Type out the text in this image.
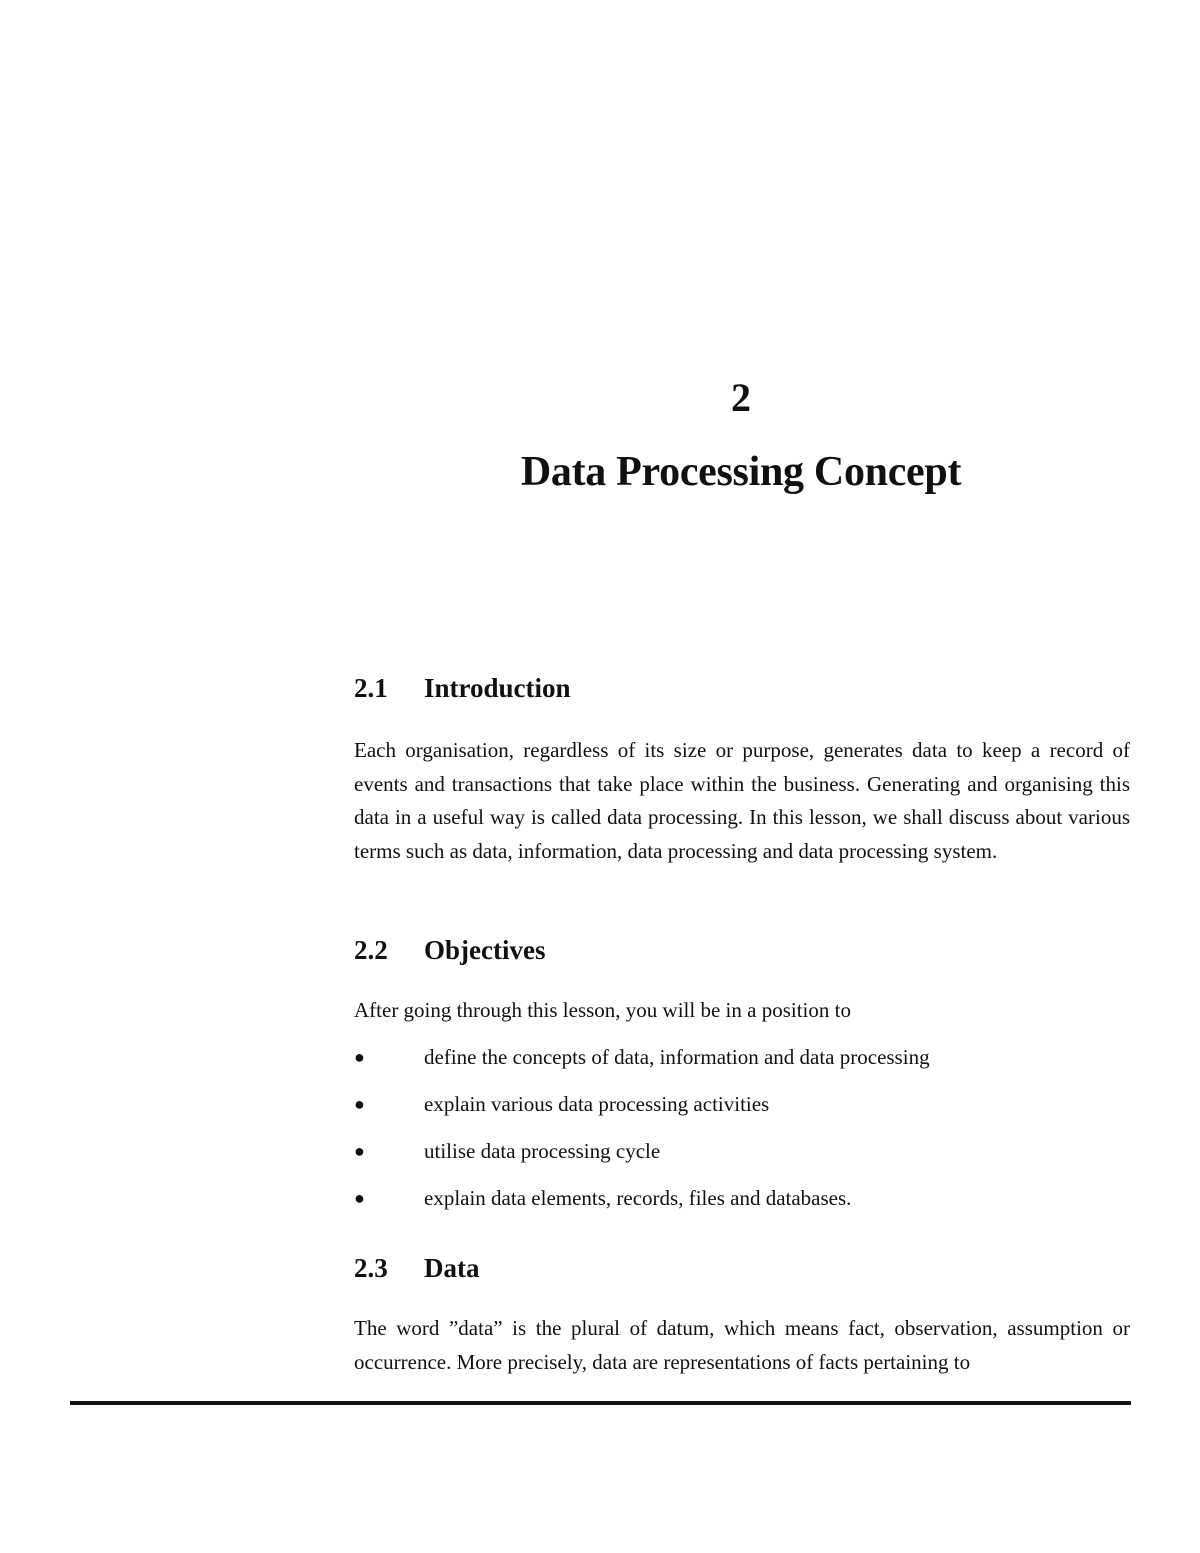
2
Data Processing Concept
2.1	Introduction

Each organisation, regardless of its size or purpose, generates data to keep a record of events and transactions that take place within the business. Generating and organising this data in a useful way is called data processing. In this lesson, we shall discuss about various terms such as data, information, data processing and data processing system.

2.2	Objectives

After going through this lesson, you will be in a position to

●	define the concepts of data, information and data processing
●	explain various data processing activities
●	utilise data processing cycle
●	explain data elements, records, files and databases.
2.3	Data

The word ”data” is the plural of datum, which means fact, observation, assumption or occurrence. More precisely, data are representations of facts pertaining to
